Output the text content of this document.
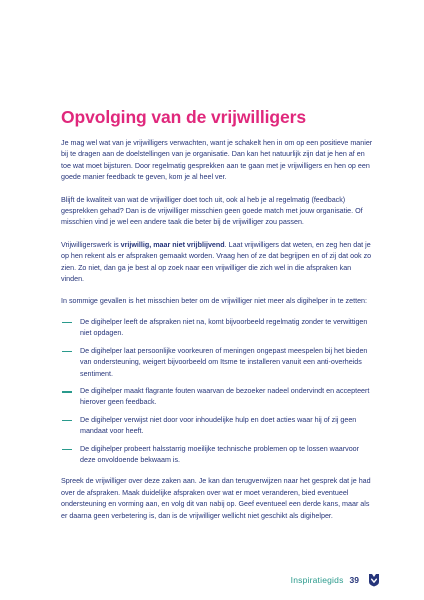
Opvolging van de vrijwilligers

Je mag wel wat van je vrijwilligers verwachten, want je schakelt hen in om op een positieve manier bij te dragen aan de doelstellingen van je organisatie. Dan kan het natuurlijk zijn dat je hen af en toe wat moet bijsturen. Door regelmatig gesprekken aan te gaan met je vrijwilligers en hen op een goede manier feedback te geven, kom je al heel ver.

Blijft de kwaliteit van wat de vrijwilliger doet toch uit, ook al heb je al regelmatig (feedback) gesprekken gehad? Dan is de vrijwilliger misschien geen goede match met jouw organisatie. Of misschien vind je wel een andere taak die beter bij de vrijwilliger zou passen.

Vrijwilligerswerk is vrijwillig, maar niet vrijblijvend. Laat vrijwilligers dat weten, en zeg hen dat je op hen rekent als er afspraken gemaakt worden. Vraag hen of ze dat begrijpen en of zij dat ook zo zien. Zo niet, dan ga je best al op zoek naar een vrijwilliger die zich wel in die afspraken kan vinden.

In sommige gevallen is het misschien beter om de vrijwilliger niet meer als digihelper in te zetten:

De digihelper leeft de afspraken niet na, komt bijvoorbeeld regelmatig zonder te verwittigen niet opdagen.
De digihelper laat persoonlijke voorkeuren of meningen ongepast meespelen bij het bieden van ondersteuning, weigert bijvoorbeeld om Itsme te installeren vanuit een anti-overheids sentiment.
De digihelper maakt flagrante fouten waarvan de bezoeker nadeel ondervindt en accepteert hierover geen feedback.
De digihelper verwijst niet door voor inhoudelijke hulp en doet acties waar hij of zij geen mandaat voor heeft.
De digihelper probeert halsstarrig moeilijke technische problemen op te lossen waarvoor deze onvoldoende bekwaam is.

Spreek de vrijwilliger over deze zaken aan. Je kan dan terugverwijzen naar het gesprek dat je had over de afspraken. Maak duidelijke afspraken over wat er moet veranderen, bied eventueel ondersteuning en vorming aan, en volg dit van nabij op. Geef eventueel een derde kans, maar als er daarna geen verbetering is, dan is de vrijwilliger wellicht niet geschikt als digihelper.

Inspiratiegids 39
